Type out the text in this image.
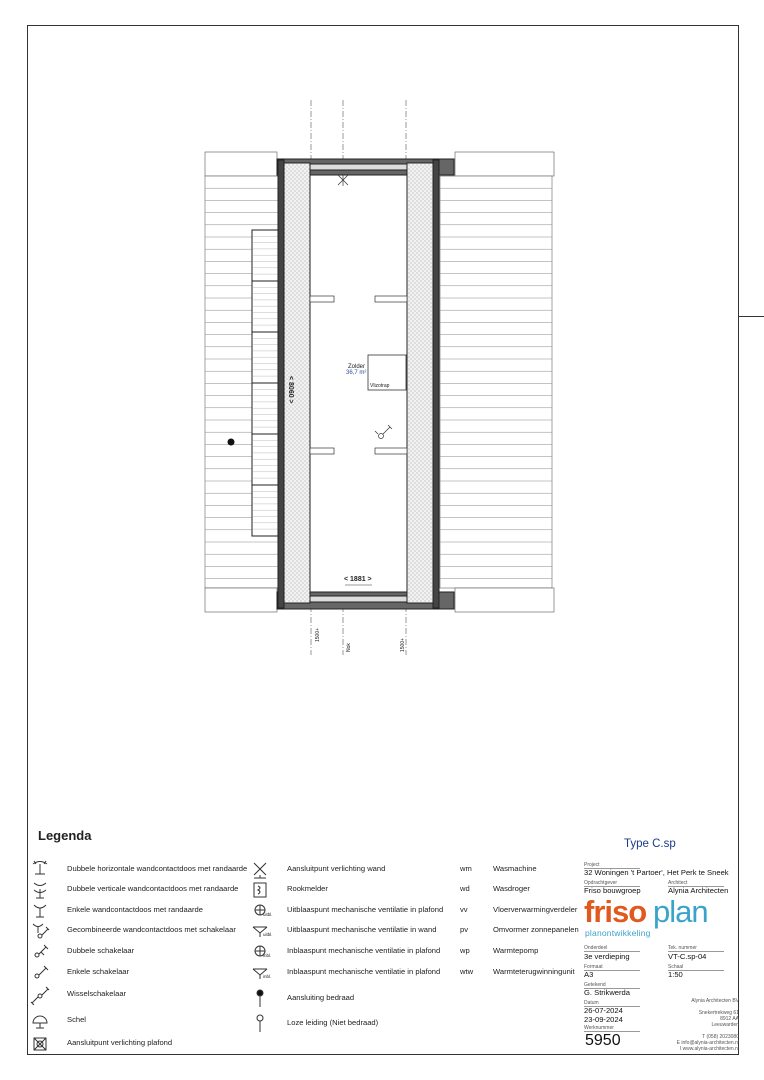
Zolder
36,7 m²
Vlizotrap
< 8060 >
< 1881 >
1500+
Nok	1500+
Legenda
Type C.sp
Project
32 Woningen 't Partoer', Het Perk te Sneek
Opdrachtgever
Friso bouwgroep
Architect
Alynia Architecten
friso plan
planontwikkeling
Onderdeel
3e verdieping
Tek. nummer
VT-C.sp-04
Formaat
A3
Schaal
1:50
Getekend
G. Strikwerda
Datum
26-07-2024
23-09-2024
Werknummer
5950
Alynia Architecten BV
Snekertrekweg 61
8912 AA
Leeuwarden
T (058) 2023080
E info@alynia-architecten.nl
I www.alynia-architecten.nl
Dubbele horizontale wandcontactdoos met randaarde
Dubbele verticale wandcontactdoos met randaarde
Enkele wandcontactdoos met randaarde
Gecombineerde wandcontactdoos met schakelaar
Dubbele schakelaar
Enkele schakelaar
Wisselschakelaar
Schel
Aansluitpunt verlichting plafond
Aansluitpunt verlichting wand
Rookmelder
uitbl.
Uitblaaspunt mechanische ventilatie in plafond
uitbl.
Uitblaaspunt mechanische ventilatie in wand
inbl.
Inblaaspunt mechanische ventilatie in plafond
inbl.
Inblaaspunt mechanische ventilatie in plafond
Aansluiting bedraad
Loze leiding (Niet bedraad)
wm	Wasmachine
wd	Wasdroger
vv	Vloerverwarmingverdeler
pv	Omvormer zonnepanelen
wp	Warmtepomp
wtw	Warmteterugwinningunit
